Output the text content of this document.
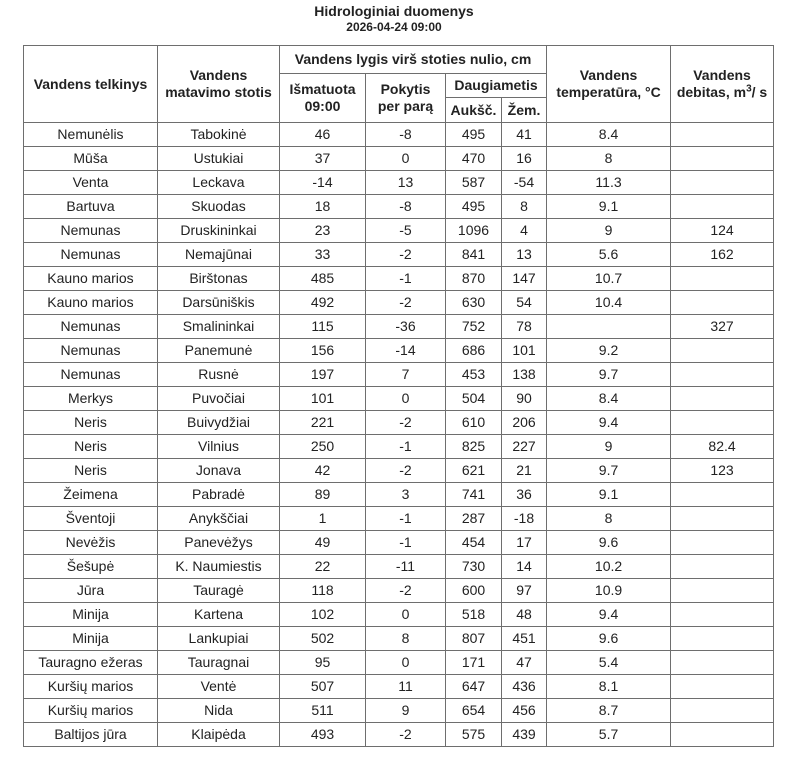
Hidrologiniai duomenys
2026-04-24 09:00
Vandens telkinys	Vandens matavimo stotis	Vandens lygis virš stoties nulio, cm				Vandens temperatūra, °C	Vandens debitas, $m^3/$ s
		Išmatuota 09:00	Pokytis per parą	Daugiametis			
				Aukšč.	Žem.		
Nemunėlis	Tabokinė	46	-8	495	41	8.4	
Mūša	Ustukiai	37	0	470	16	8	
Venta	Leckava	-14	13	587	-54	11.3	
Bartuva	Skuodas	18	-8	495	8	9.1	
Nemunas	Druskininkai	23	-5	1096	4	9	124
Nemunas	Nemajūnai	33	-2	841	13	5.6	162
Kauno marios	Birštonas	485	-1	870	147	10.7	
Kauno marios	Darsūniškis	492	-2	630	54	10.4	
Nemunas	Smalininkai	115	-36	752	78		327
Nemunas	Panemunė	156	-14	686	101	9.2	
Nemunas	Rusnė	197	7	453	138	9.7	
Merkys	Puvočiai	101	0	504	90	8.4	
Neris	Buivydžiai	221	-2	610	206	9.4	
Neris	Vilnius	250	-1	825	227	9	82.4
Neris	Jonava	42	-2	621	21	9.7	123
Žeimena	Pabradė	89	3	741	36	9.1	
Šventoji	Anykščiai	1	-1	287	-18	8	
Nevėžis	Panevėžys	49	-1	454	17	9.6	
Šešupė	K. Naumiestis	22	-11	730	14	10.2	
Jūra	Tauragė	118	-2	600	97	10.9	
Minija	Kartena	102	0	518	48	9.4	
Minija	Lankupiai	502	8	807	451	9.6	
Tauragno ežeras	Tauragnai	95	0	171	47	5.4	
Kuršių marios	Ventė	507	11	647	436	8.1	
Kuršių marios	Nida	511	9	654	456	8.7	
Baltijos jūra	Klaipėda	493	-2	575	439	5.7	
